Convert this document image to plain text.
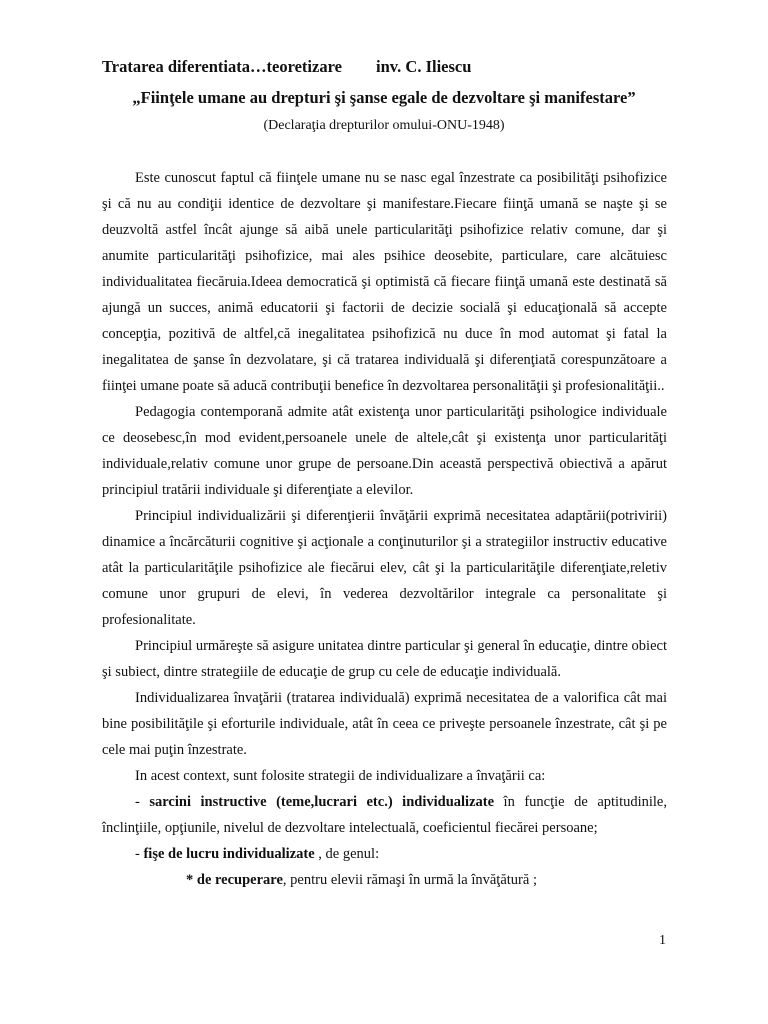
Tratarea diferentiata…teoretizare inv. C. Iliescu
„Fiinţele umane au drepturi şi şanse egale de dezvoltare şi manifestare”
(Declaraţia drepturilor omului-ONU-1948)

Este cunoscut faptul că fiinţele umane nu se nasc egal înzestrate ca posibilităţi psihofizice şi că nu au condiţii identice de dezvoltare şi manifestare.Fiecare fiinţă umană se naşte şi se deuzvoltă astfel încât ajunge să aibă unele particularităţi psihofizice relativ comune, dar şi anumite particularităţi psihofizice, mai ales psihice deosebite, particulare, care alcătuiesc individualitatea fiecăruia.Ideea democratică şi optimistă că fiecare fiinţă umană este destinată să ajungă un succes, animă educatorii şi factorii de decizie socială şi educaţională să accepte concepţia, pozitivă de altfel,că inegalitatea psihofizică nu duce în mod automat şi fatal la inegalitatea de şanse în dezvolatare, şi că tratarea individuală şi diferenţiată corespunzătoare a fiinţei umane poate să aducă contribuţii benefice în dezvoltarea personalităţii şi profesionalităţii..

Pedagogia contemporană admite atât existenţa unor particularităţi psihologice individuale ce deosebesc,în mod evident,persoanele unele de altele,cât şi existenţa unor particularităţi individuale,relativ comune unor grupe de persoane.Din această perspectivă obiectivă a apărut principiul tratării individuale şi diferenţiate a elevilor.

Principiul individualizării şi diferenţierii învăţării exprimă necesitatea adaptării(potrivirii) dinamice a încărcăturii cognitive şi acţionale a conţinuturilor şi a strategiilor instructiv educative atât la particularităţile psihofizice ale fiecărui elev, cât şi la particularităţile diferenţiate,reletiv comune unor grupuri de elevi, în vederea dezvoltărilor integrale ca personalitate şi profesionalitate.

Principiul urmăreşte să asigure unitatea dintre particular şi general în educaţie, dintre obiect şi subiect, dintre strategiile de educaţie de grup cu cele de educaţie individuală.

Individualizarea învaţării (tratarea individuală) exprimă necesitatea de a valorifica cât mai bine posibilităţile şi eforturile individuale, atât în ceea ce priveşte persoanele înzestrate, cât şi pe cele mai puţin înzestrate.

In acest context, sunt folosite strategii de individualizare a învaţării ca:

- sarcini instructive (teme,lucrari etc.) individualizate în funcţie de aptitudinile, înclinţiile, opţiunile, nivelul de dezvoltare intelectuală, coeficientul fiecărei persoane;

- fişe de lucru individualizate , de genul:

* de recuperare, pentru elevii rămaşi în urmă la învăţătură ;

1
